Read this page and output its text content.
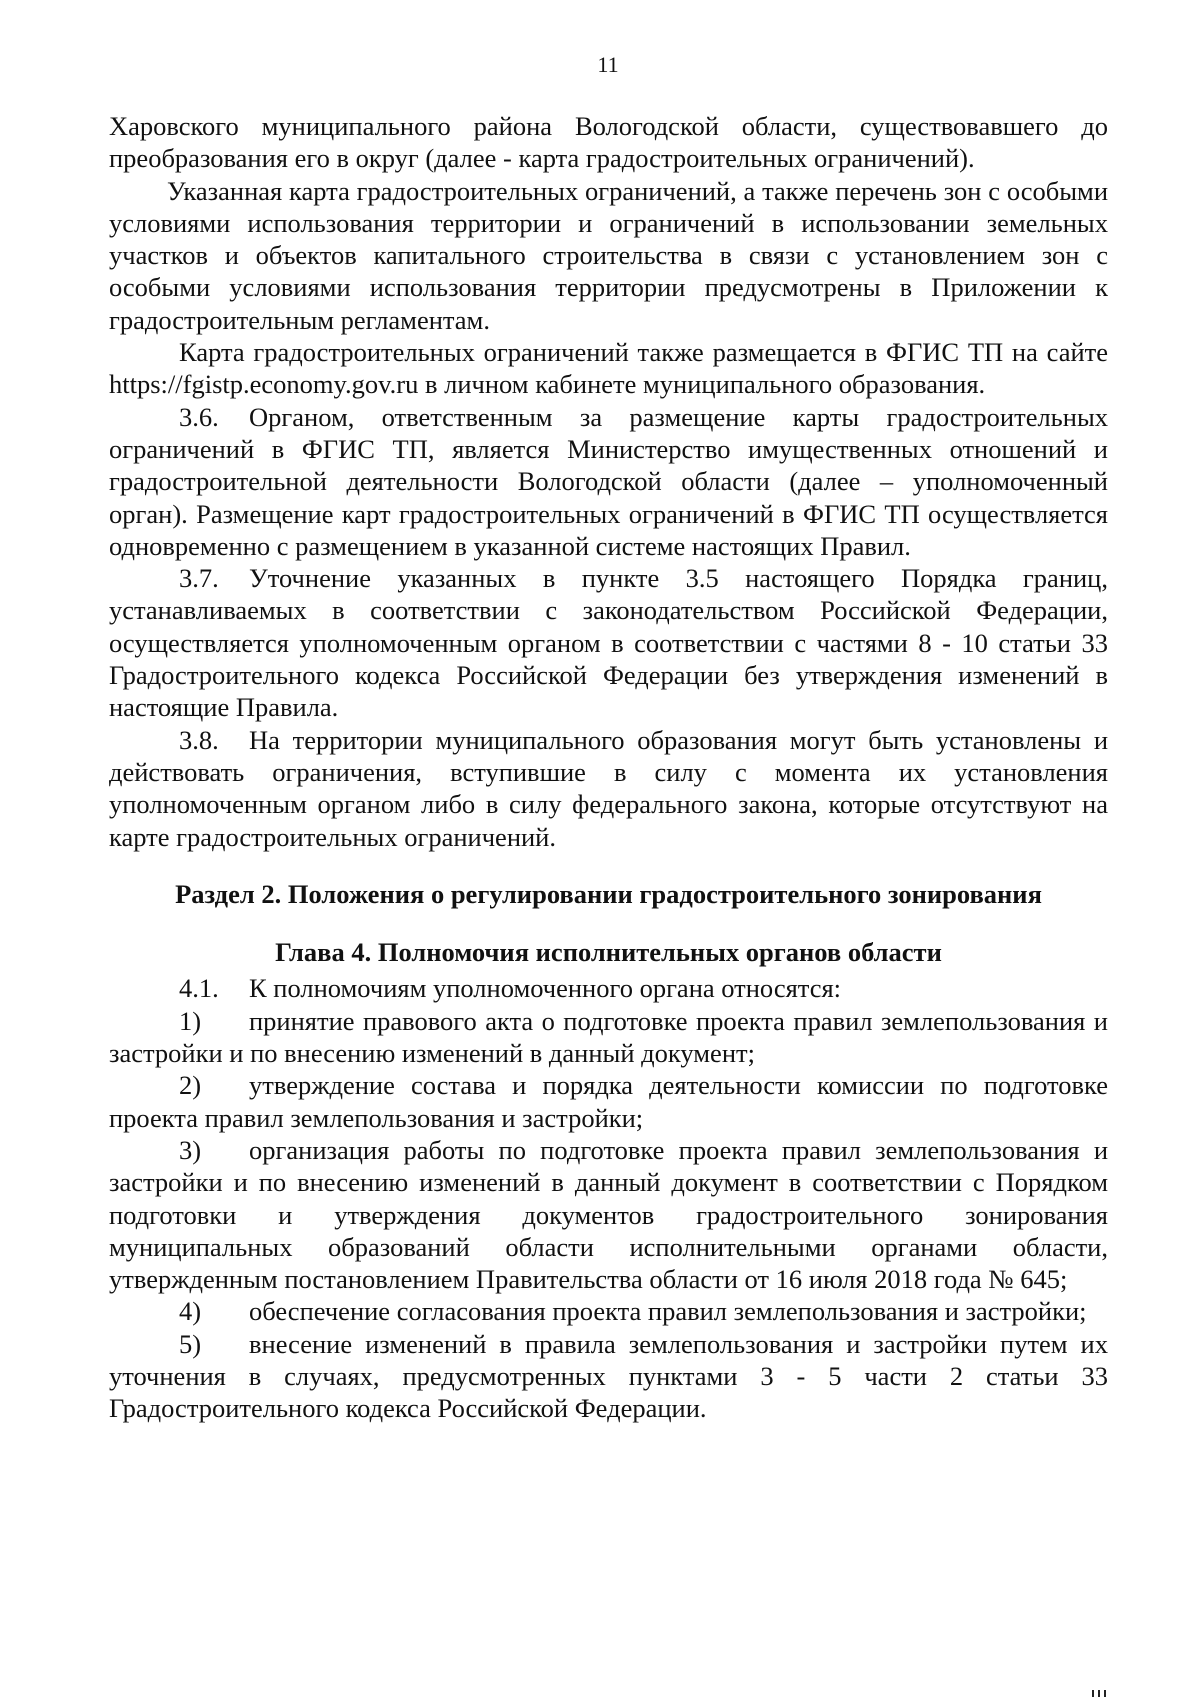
11

Харовского муниципального района Вологодской области, существовавшего до преобразования его в округ (далее - карта градостроительных ограничений).

Указанная карта градостроительных ограничений, а также перечень зон с особыми условиями использования территории и ограничений в использовании земельных участков и объектов капитального строительства в связи с установлением зон с особыми условиями использования территории предусмотрены в Приложении к градостроительным регламентам.

Карта градостроительных ограничений также размещается в ФГИС ТП на сайте https://fgistp.economy.gov.ru в личном кабинете муниципального образования.

3.6. Органом, ответственным за размещение карты градостроительных ограничений в ФГИС ТП, является Министерство имущественных отношений и градостроительной деятельности Вологодской области (далее – уполномоченный орган). Размещение карт градостроительных ограничений в ФГИС ТП осуществляется одновременно с размещением в указанной системе настоящих Правил.

3.7. Уточнение указанных в пункте 3.5 настоящего Порядка границ, устанавливаемых в соответствии с законодательством Российской Федерации, осуществляется уполномоченным органом в соответствии с частями 8 - 10 статьи 33 Градостроительного кодекса Российской Федерации без утверждения изменений в настоящие Правила.

3.8. На территории муниципального образования могут быть установлены и действовать ограничения, вступившие в силу с момента их установления уполномоченным органом либо в силу федерального закона, которые отсутствуют на карте градостроительных ограничений.

Раздел 2. Положения о регулировании градостроительного зонирования

Глава 4. Полномочия исполнительных органов области

4.1. К полномочиям уполномоченного органа относятся:

1) принятие правового акта о подготовке проекта правил землепользования и застройки и по внесению изменений в данный документ;

2) утверждение состава и порядка деятельности комиссии по подготовке проекта правил землепользования и застройки;

3) организация работы по подготовке проекта правил землепользования и застройки и по внесению изменений в данный документ в соответствии с Порядком подготовки и утверждения документов градостроительного зонирования муниципальных образований области исполнительными органами области, утвержденным постановлением Правительства области от 16 июля 2018 года № 645;

4) обеспечение согласования проекта правил землепользования и застройки;

5) внесение изменений в правила землепользования и застройки путем их уточнения в случаях, предусмотренных пунктами 3 - 5 части 2 статьи 33 Градостроительного кодекса Российской Федерации.
